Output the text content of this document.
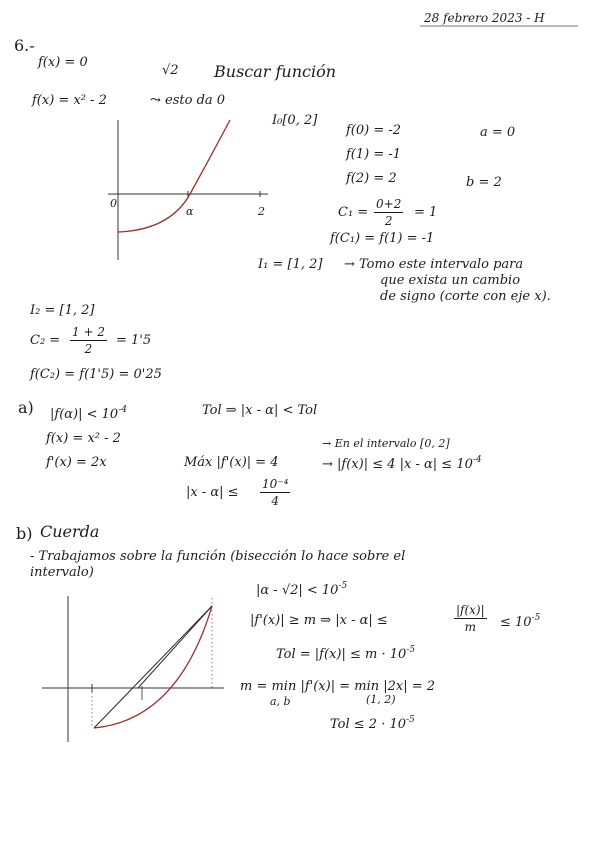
28 febrero 2023 - H
6.-
f(x) = 0
√2 Buscar función
f(x) = x² - 2	⤳ esto da 0
0
α	2
I₀[0, 2]
f(0) = -2
f(1) = -1
f(2) = 2
a = 0
b = 2
$C_1 = \frac{0+2}{2} = 1$
f(C₁) = f(1) = -1
I₁ = [1, 2] → Tomo este intervalo para
que exista un cambio
de signo (corte con eje x).
I₂ = [1, 2]
$C_2 = \frac{1 + 2}{2} = 1'5$
f(C₂) = f(1'5) = 0'25
a) $|f(\alpha)| < 10^{-4}$	Tol ⇒ |x - α| < Tol
f(x) = x² - 2
f'(x) = 2x	Máx |f'(x)| = 4
→ En el intervalo [0, 2]
→ |f(x)| ≤ 4 $|x - \alpha| \le 10^{-4}$
$|x - \alpha| \le \frac{\text{10⁻⁴}}{4}$
b) Cuerda
- Trabajamos sobre la función (bisección lo hace sobre el
intervalo)
$|\alpha - √2| < 10^{-5}$
|f'(x)| ≥ m ⇒ |x - α| ≤	$\frac{|f(x)|}{m} \le 10^{-5}$
Tol = $|f(x)| \le m \cdot 10^{-5}$
m = min |f'(x)| = min |2x| = 2
a, b	(1, 2)
Tol ≤ $2 \cdot 10^{-5}$
